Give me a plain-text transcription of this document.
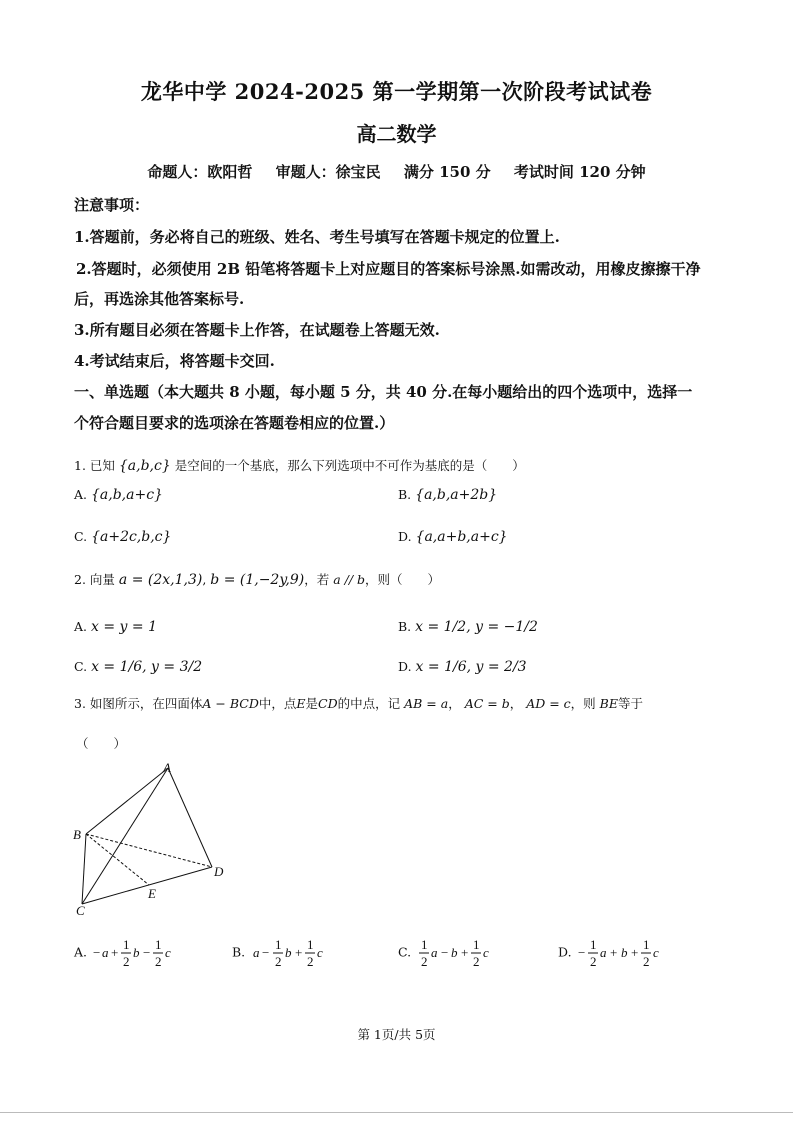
龙华中学 2024-2025 第一学期第一次阶段考试试卷
高二数学
命题人：欧阳哲 审题人：徐宝民 满分 150 分 考试时间 120 分钟
注意事项：
1.答题前，务必将自己的班级、姓名、考生号填写在答题卡规定的位置上.
2.答题时，必须使用 2B 铅笔将答题卡上对应题目的答案标号涂黑.如需改动，用橡皮擦擦干净
后，再选涂其他答案标号.
3.所有题目必须在答题卡上作答，在试题卷上答题无效.
4.考试结束后，将答题卡交回.
一、单选题（本大题共 8 小题，每小题 5 分，共 40 分.在每小题给出的四个选项中，选择一
个符合题目要求的选项涂在答题卷相应的位置.）
1. 已知 {a,b,c} 是空间的一个基底，那么下列选项中不可作为基底的是（　　）
A. {a,b,a+c}	B. {a,b,a+2b}
C. {a+2c,b,c}	D. {a,a+b,a+c}
2. 向量 a = (2x,1,3), b = (1,−2y,9)，若 a // b，则（　　）
A. x = y = 1	B. x = 1/2, y = −1/2
C. x = 1/6, y = 3/2	D. x = 1/6, y = 2/3
3. 如图所示，在四面体A − BCD中，点E是CD的中点，记 AB = a， AC = b， AD = c，则 BE等于
（　　）
A
B
C
D
E
A. − a +
1
2
b −
1
2
c	B. a −
1
2
b +
1
2
c	C. 1
2
a − b +
1
2
c	D. −
1
2
a + b +
1
2
c
第 1页/共 5页
